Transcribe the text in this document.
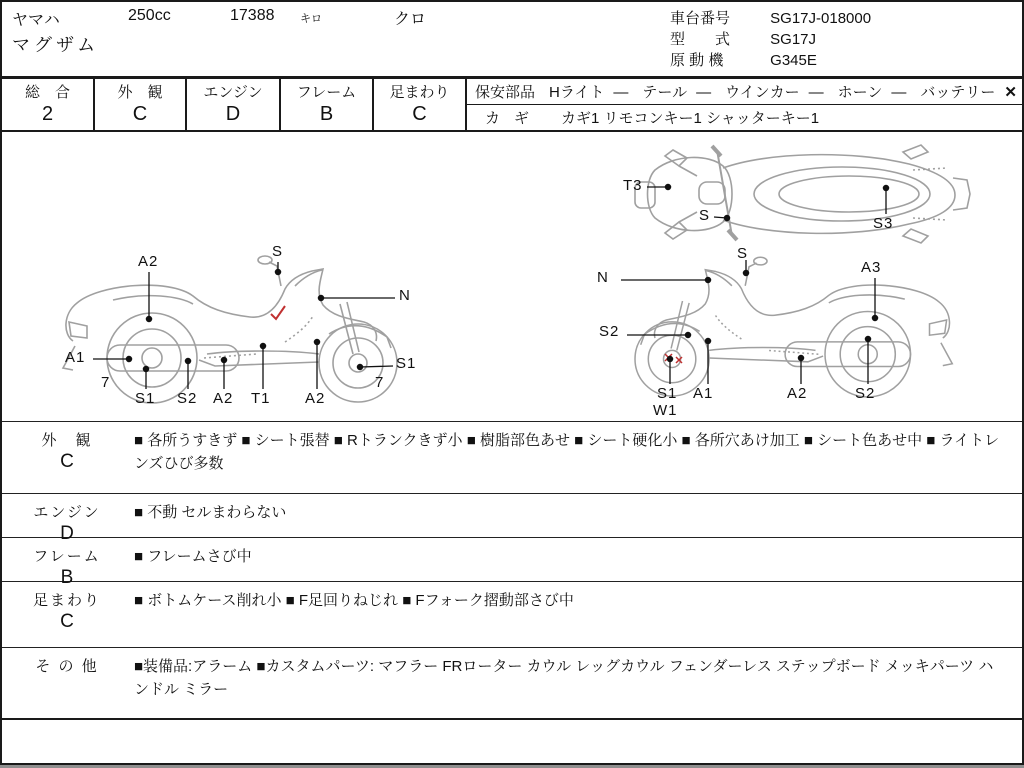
ヤマハ	250cc	17388 キロ	クロ
マグザム
車台番号	SG17J-018000
型　　式	SG17J
原 動 機	G345E
総　合
2
外　観
C
エンジン
D
フレーム
B
足まわり
C
保安部品 Hライト — テール — ウインカー — ホーン — バッテリー ✕
カギ カギ1 リモコンキー1 シャッターキー1
T3
S	S3
A2
S
N
A1
7
S1 S2 A2 T1 A2
S1
7
S
N
A3
S2
S1
W1
A1	A2	S2
外　観
C
■ 各所うすきず ■ シート張替 ■ Rトランクきず小 ■ 樹脂部色あせ ■ シート硬化小 ■ 各所穴あけ加工 ■ シート色あせ中 ■ ライトレンズひび多数
エンジン
D
■ 不動 セルまわらない
フレーム
B
■ フレームさび中
足まわり
C
■ ボトムケース削れ小 ■ F足回りねじれ ■ Fフォーク摺動部さび中
そ の 他	■装備品:アラーム ■カスタムパーツ: マフラー FRローター カウル レッグカウル フェンダーレス ステップボード メッキパーツ ハンドル ミラー
